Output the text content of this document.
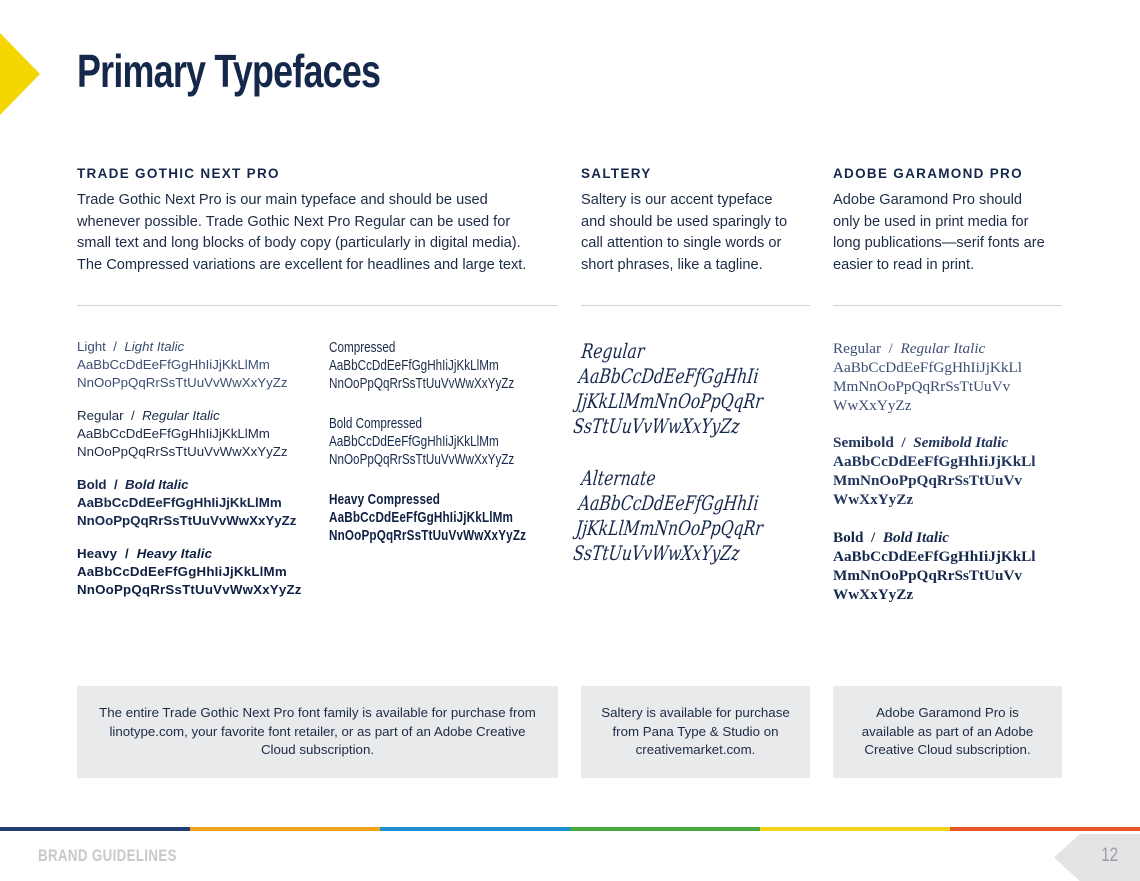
Primary Typefaces
TRADE GOTHIC NEXT PRO

Trade Gothic Next Pro is our main typeface and should be used
whenever possible. Trade Gothic Next Pro Regular can be used for
small text and long blocks of body copy (particularly in digital media).
The Compressed variations are excellent for headlines and large text.

SALTERY

Saltery is our accent typeface
and should be used sparingly to
call attention to single words or
short phrases, like a tagline.

ADOBE GARAMOND PRO

Adobe Garamond Pro should
only be used in print media for
long publications—serif fonts are
easier to read in print.

Light / Light Italic
AaBbCcDdEeFfGgHhIiJjKkLlMm
NnOoPpQqRrSsTtUuVvWwXxYyZz
Regular / Regular Italic
AaBbCcDdEeFfGgHhIiJjKkLlMm
NnOoPpQqRrSsTtUuVvWwXxYyZz
Bold / Bold Italic
AaBbCcDdEeFfGgHhIiJjKkLlMm
NnOoPpQqRrSsTtUuVvWwXxYyZz
Heavy / Heavy Italic
AaBbCcDdEeFfGgHhIiJjKkLlMm
NnOoPpQqRrSsTtUuVvWwXxYyZz
Compressed
AaBbCcDdEeFfGgHhIiJjKkLlMm
NnOoPpQqRrSsTtUuVvWwXxYyZz
Bold Compressed
AaBbCcDdEeFfGgHhIiJjKkLlMm
NnOoPpQqRrSsTtUuVvWwXxYyZz
Heavy Compressed
AaBbCcDdEeFfGgHhIiJjKkLlMm
NnOoPpQqRrSsTtUuVvWwXxYyZz
Regular
AaBbCcDdEeFfGgHhIi
JjKkLlMmNnOoPpQqRr
SsTtUuVvWwXxYyZz
Alternate
AaBbCcDdEeFfGgHhIi
JjKkLlMmNnOoPpQqRr
SsTtUuVvWwXxYyZz
Regular / Regular Italic
AaBbCcDdEeFfGgHhIiJjKkLl
MmNnOoPpQqRrSsTtUuVv
WwXxYyZz
Semibold / Semibold Italic
AaBbCcDdEeFfGgHhIiJjKkLl
MmNnOoPpQqRrSsTtUuVv
WwXxYyZz
Bold / Bold Italic
AaBbCcDdEeFfGgHhIiJjKkLl
MmNnOoPpQqRrSsTtUuVv
WwXxYyZz
The entire Trade Gothic Next Pro font family is available for purchase from linotype.com, your favorite font retailer, or as part of an Adobe Creative Cloud subscription.
Saltery is available for purchase from Pana Type & Studio on creativemarket.com.
Adobe Garamond Pro is available as part of an Adobe Creative Cloud subscription.
BRAND GUIDELINES	12
